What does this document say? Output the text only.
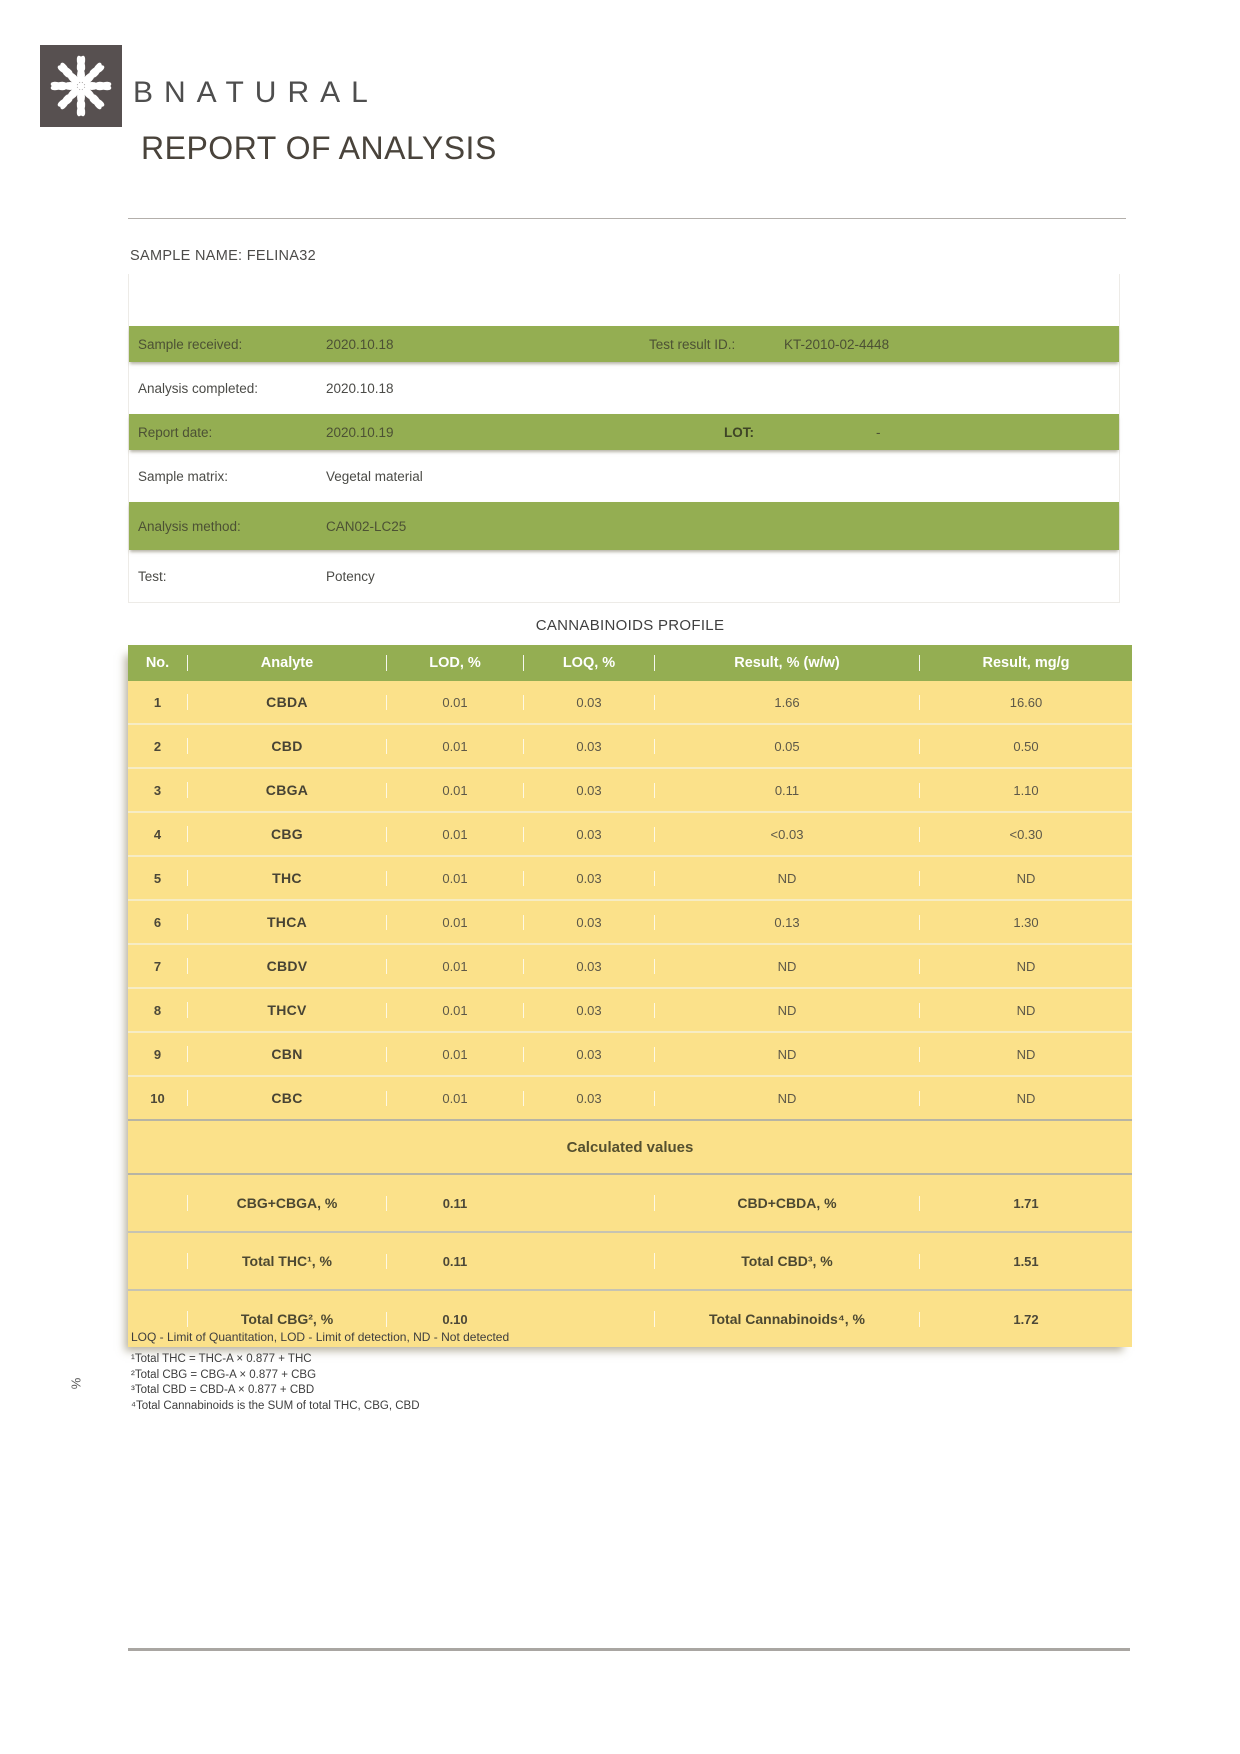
BNATURAL
REPORT OF ANALYSIS
SAMPLE NAME: FELINA32
Sample received:	2020.10.18	Test result ID.:	KT-2010-02-4448
Analysis completed:	2020.10.18
Report date:	2020.10.19	LOT:	-
Sample matrix:	Vegetal material
Analysis method:	CAN02-LC25
Test:	Potency
CANNABINOIDS PROFILE
No.	Analyte	LOD, %	LOQ, %	Result, % (w/w)	Result, mg/g
1	CBDA	0.01	0.03	1.66	16.60
2	CBD	0.01	0.03	0.05	0.50
3	CBGA	0.01	0.03	0.11	1.10
4	CBG	0.01	0.03	<0.03	<0.30
5	THC	0.01	0.03	ND	ND
6	THCA	0.01	0.03	0.13	1.30
7	CBDV	0.01	0.03	ND	ND
8	THCV	0.01	0.03	ND	ND
9	CBN	0.01	0.03	ND	ND
10	CBC	0.01	0.03	ND	ND
Calculated values
CBG+CBGA, %	0.11	CBD+CBDA, %	1.71
Total THC¹, %	0.11	Total CBD³, %	1.51
Total CBG², %	0.10	Total Cannabinoids⁴, %	1.72
LOQ - Limit of Quantitation, LOD - Limit of detection, ND - Not detected
¹Total THC = THC-A × 0.877 + THC
²Total CBG = CBG-A × 0.877 + CBG
³Total CBD = CBD-A × 0.877 + CBD
⁴Total Cannabinoids is the SUM of total THC, CBG, CBD
%
